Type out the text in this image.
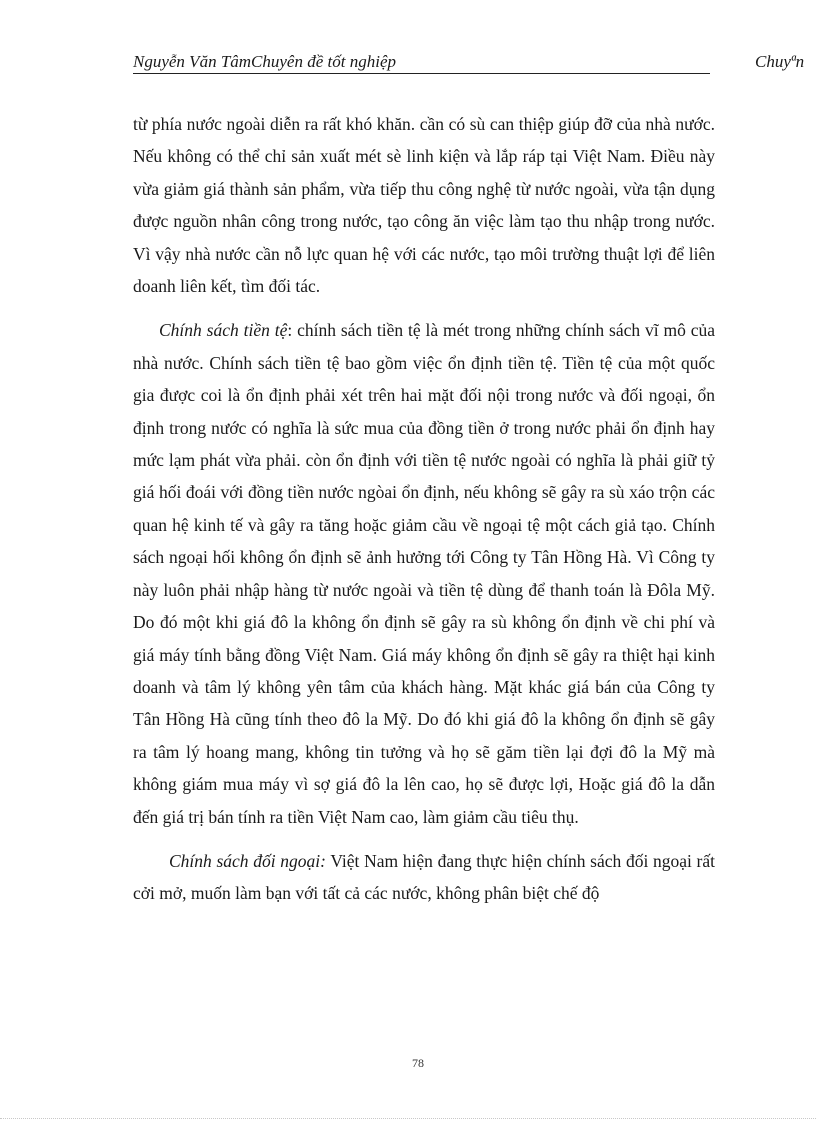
Nguyễn Văn TâmChuyên đề tốt nghiệp	Chuyªn

từ phía nước ngoài diễn ra rất khó khăn. cần có sù can thiệp giúp đỡ của nhà nước. Nếu không có thể chỉ sản xuất mét sè linh kiện và lắp ráp tại Việt Nam. Điều này vừa giảm giá thành sản phẩm, vừa tiếp thu công nghệ từ nước ngoài, vừa tận dụng được nguồn nhân công trong nước, tạo công ăn việc làm tạo thu nhập trong nước. Vì vậy nhà nước cần nỗ lực quan hệ với các nước, tạo môi trường thuật lợi để liên doanh liên kết, tìm đối tác.

Chính sách tiền tệ: chính sách tiền tệ là mét trong những chính sách vĩ mô của nhà nước. Chính sách tiền tệ bao gồm việc ổn định tiền tệ. Tiền tệ của một quốc gia được coi là ổn định phải xét trên hai mặt đối nội trong nước và đối ngoại, ổn định trong nước có nghĩa là sức mua của đồng tiền ở trong nước phải ổn định hay mức lạm phát vừa phải. còn ổn định với tiền tệ nước ngoài có nghĩa là phải giữ tỷ giá hối đoái với đồng tiền nước ngòai ổn định, nếu không sẽ gây ra sù xáo trộn các quan hệ kinh tế và gây ra tăng hoặc giảm cầu về ngoại tệ một cách giả tạo. Chính sách ngoại hối không ổn định sẽ ảnh hưởng tới Công ty Tân Hồng Hà. Vì Công ty này luôn phải nhập hàng từ nước ngoài và tiền tệ dùng để thanh toán là Đôla Mỹ. Do đó một khi giá đô la không ổn định sẽ gây ra sù không ổn định về chi phí và giá máy tính bằng đồng Việt Nam. Giá máy không ổn định sẽ gây ra thiệt hại kinh doanh và tâm lý không yên tâm của khách hàng. Mặt khác giá bán của Công ty Tân Hồng Hà cũng tính theo đô la Mỹ. Do đó khi giá đô la không ổn định sẽ gây ra tâm lý hoang mang, không tin tưởng và họ sẽ găm tiền lại đợi đô la Mỹ mà không giám mua máy vì sợ giá đô la lên cao, họ sẽ được lợi, Hoặc giá đô la dẫn đến giá trị bán tính ra tiền Việt Nam cao, làm giảm cầu tiêu thụ.

Chính sách đối ngoại: Việt Nam hiện đang thực hiện chính sách đối ngoại rất cởi mở, muốn làm bạn với tất cả các nước, không phân biệt chế độ

78
